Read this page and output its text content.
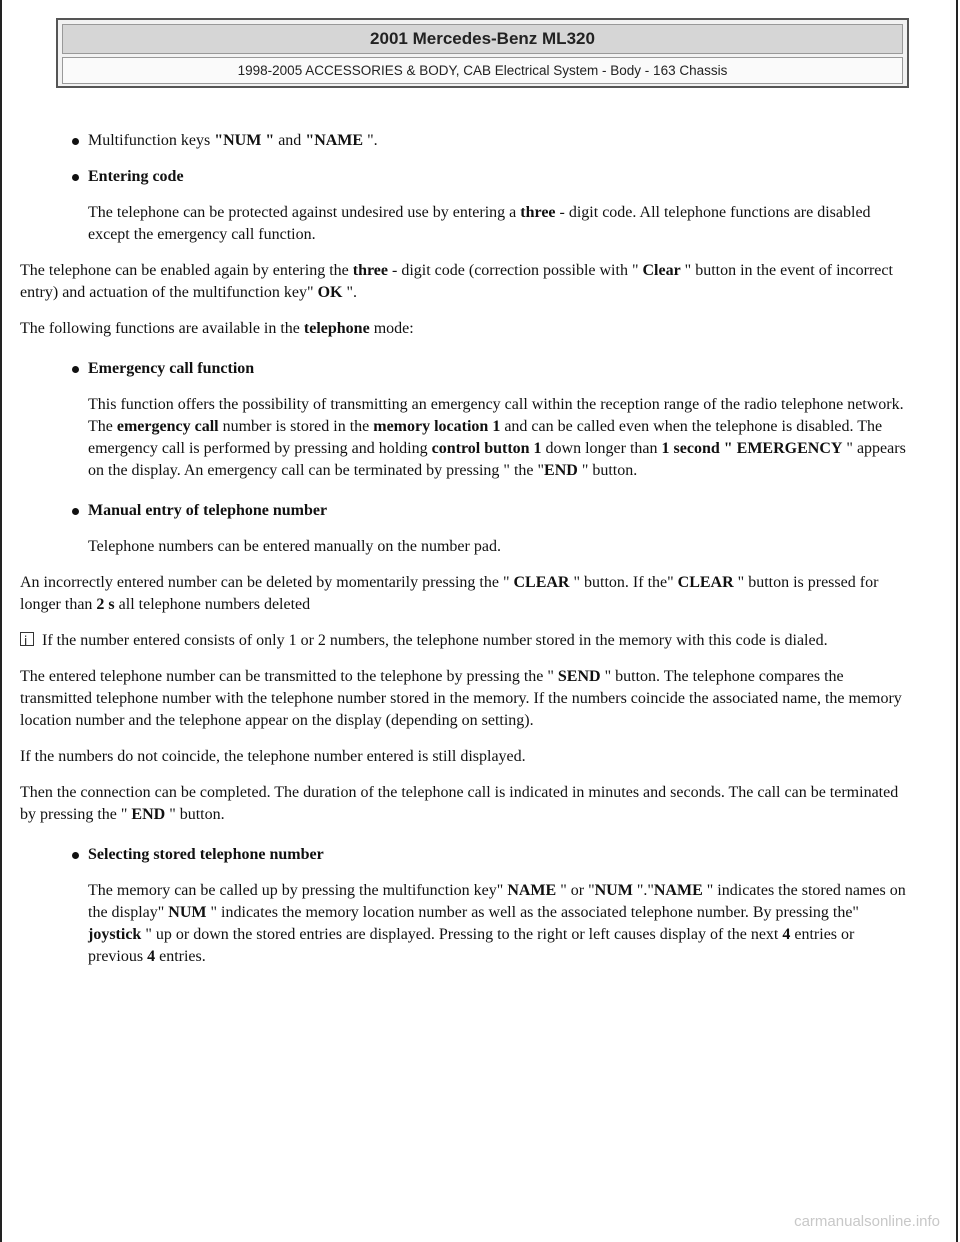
2001 Mercedes-Benz ML320
1998-2005 ACCESSORIES & BODY, CAB Electrical System - Body - 163 Chassis
Multifunction keys "NUM " and "NAME ".
Entering code

The telephone can be protected against undesired use by entering a three - digit code. All telephone functions are disabled except the emergency call function.

The telephone can be enabled again by entering the three - digit code (correction possible with " Clear " button in the event of incorrect entry) and actuation of the multifunction key" OK ".

The following functions are available in the telephone mode:

Emergency call function

This function offers the possibility of transmitting an emergency call within the reception range of the radio telephone network. The emergency call number is stored in the memory location 1 and can be called even when the telephone is disabled. The emergency call is performed by pressing and holding control button 1 down longer than 1 second " EMERGENCY " appears on the display. An emergency call can be terminated by pressing " the "END " button.

Manual entry of telephone number

Telephone numbers can be entered manually on the number pad.

An incorrectly entered number can be deleted by momentarily pressing the " CLEAR " button. If the" CLEAR " button is pressed for longer than 2 s all telephone numbers deleted

i If the number entered consists of only 1 or 2 numbers, the telephone number stored in the memory with this code is dialed.

The entered telephone number can be transmitted to the telephone by pressing the " SEND " button. The telephone compares the transmitted telephone number with the telephone number stored in the memory. If the numbers coincide the associated name, the memory location number and the telephone appear on the display (depending on setting).

If the numbers do not coincide, the telephone number entered is still displayed.

Then the connection can be completed. The duration of the telephone call is indicated in minutes and seconds. The call can be terminated by pressing the " END " button.

Selecting stored telephone number

The memory can be called up by pressing the multifunction key" NAME " or "NUM "."NAME " indicates the stored names on the display" NUM " indicates the memory location number as well as the associated telephone number. By pressing the" joystick " up or down the stored entries are displayed. Pressing to the right or left causes display of the next 4 entries or previous 4 entries.

carmanualsonline.info
